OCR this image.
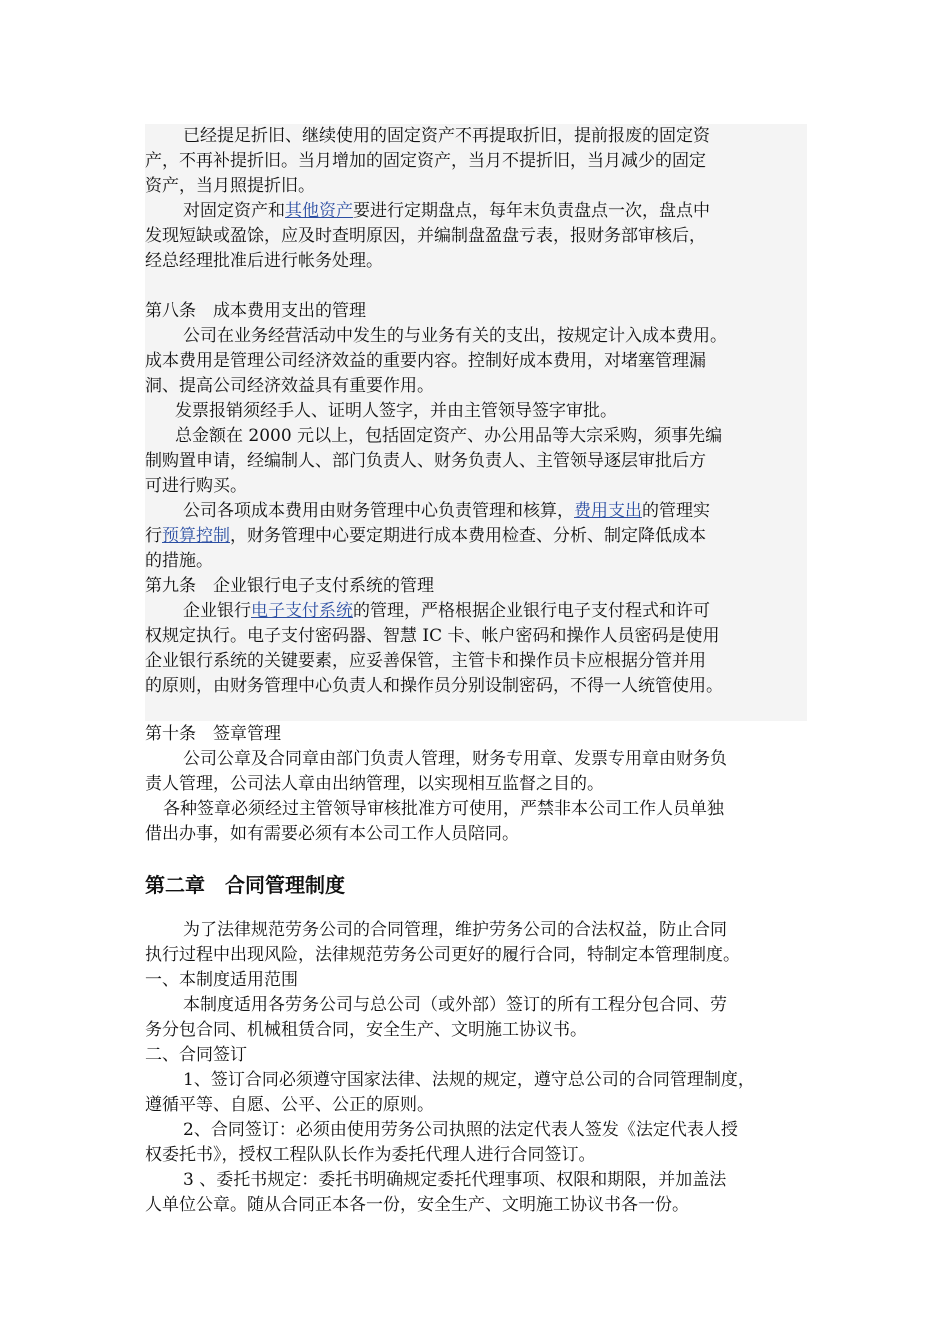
已经提足折旧、继续使用的固定资产不再提取折旧，提前报废的固定资
产，不再补提折旧。当月增加的固定资产，当月不提折旧，当月减少的固定
资产，当月照提折旧。
对固定资产和其他资产要进行定期盘点，每年末负责盘点一次，盘点中
发现短缺或盈馀，应及时查明原因，并编制盘盈盘亏表，报财务部审核后，
经总经理批准后进行帐务处理。
第八条　成本费用支出的管理
公司在业务经营活动中发生的与业务有关的支出，按规定计入成本费用。
成本费用是管理公司经济效益的重要内容。控制好成本费用，对堵塞管理漏
洞、提高公司经济效益具有重要作用。
发票报销须经手人、证明人签字，并由主管领导签字审批。
总金额在 2000 元以上，包括固定资产、办公用品等大宗采购，须事先编
制购置申请，经编制人、部门负责人、财务负责人、主管领导逐层审批后方
可进行购买。
公司各项成本费用由财务管理中心负责管理和核算，费用支出的管理实
行预算控制，财务管理中心要定期进行成本费用检查、分析、制定降低成本
的措施。
第九条　企业银行电子支付系统的管理
企业银行电子支付系统的管理，严格根据企业银行电子支付程式和许可
权规定执行。电子支付密码器、智慧 IC 卡、帐户密码和操作人员密码是使用
企业银行系统的关键要素，应妥善保管，主管卡和操作员卡应根据分管并用
的原则，由财务管理中心负责人和操作员分别设制密码，不得一人统管使用。
第十条　签章管理
公司公章及合同章由部门负责人管理，财务专用章、发票专用章由财务负
责人管理，公司法人章由出纳管理，以实现相互监督之目的。
各种签章必须经过主管领导审核批准方可使用，严禁非本公司工作人员单独
借出办事，如有需要必须有本公司工作人员陪同。
第二章　合同管理制度
为了法律规范劳务公司的合同管理，维护劳务公司的合法权益，防止合同
执行过程中出现风险，法律规范劳务公司更好的履行合同，特制定本管理制度。
一、本制度适用范围
本制度适用各劳务公司与总公司（或外部）签订的所有工程分包合同、劳
务分包合同、机械租赁合同，安全生产、文明施工协议书。
二、合同签订
1、签订合同必须遵守国家法律、法规的规定，遵守总公司的合同管理制度，
遵循平等、自愿、公平、公正的原则。
2、合同签订：必须由使用劳务公司执照的法定代表人签发《法定代表人授
权委托书》，授权工程队队长作为委托代理人进行合同签订。
3 、委托书规定：委托书明确规定委托代理事项、权限和期限，并加盖法
人单位公章。随从合同正本各一份，安全生产、文明施工协议书各一份。
